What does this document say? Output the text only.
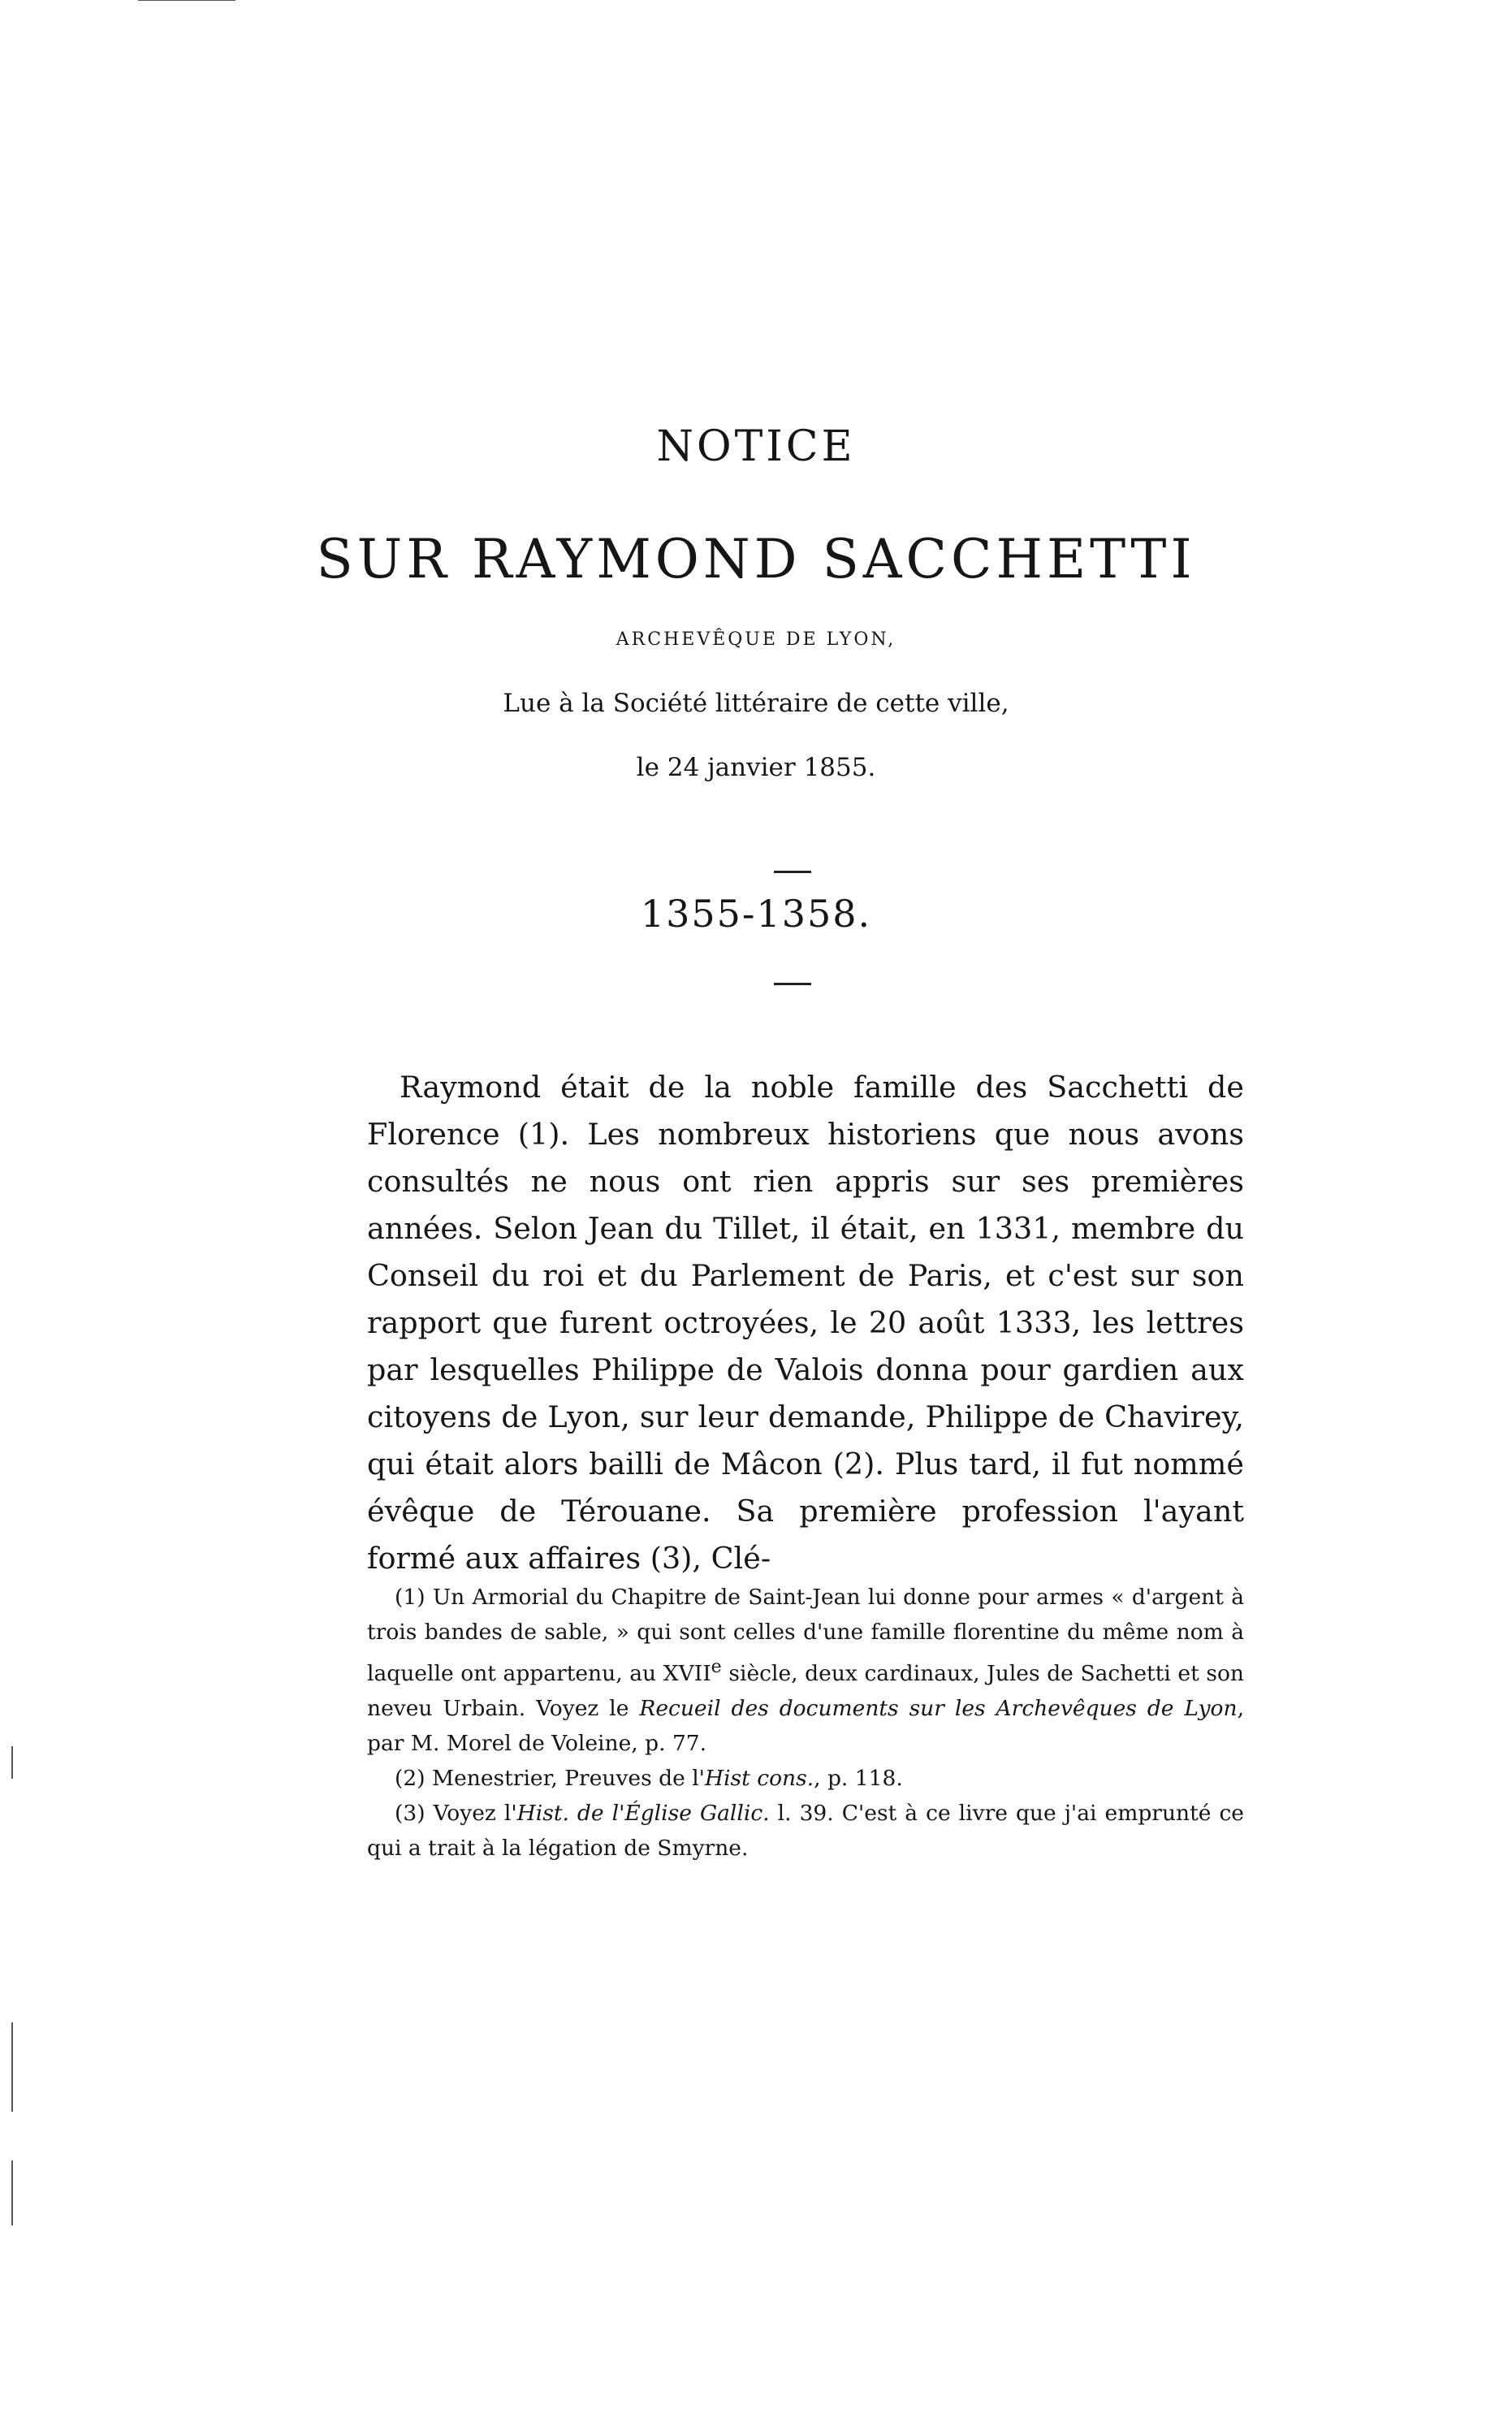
NOTICE
SUR RAYMOND SACCHETTI
ARCHEVÊQUE DE LYON,
Lue à la Société littéraire de cette ville,
le 24 janvier 1855.
1355-1358.

Raymond était de la noble famille des Sacchetti de Florence (1). Les nombreux historiens que nous avons consultés ne nous ont rien appris sur ses premières années. Selon Jean du Tillet, il était, en 1331, membre du Conseil du roi et du Parlement de Paris, et c'est sur son rapport que furent octroyées, le 20 août 1333, les lettres par lesquelles Philippe de Valois donna pour gardien aux citoyens de Lyon, sur leur demande, Philippe de Chavirey, qui était alors bailli de Mâcon (2). Plus tard, il fut nommé évêque de Térouane. Sa première profession l'ayant formé aux affaires (3), Clé-

(1) Un Armorial du Chapitre de Saint-Jean lui donne pour armes « d'argent à trois bandes de sable, » qui sont celles d'une famille florentine du même nom à laquelle ont appartenu, au XVIIe siècle, deux cardinaux, Jules de Sachetti et son neveu Urbain. Voyez le Recueil des documents sur les Archevêques de Lyon, par M. Morel de Voleine, p. 77.

(2) Menestrier, Preuves de l'Hist cons., p. 118.

(3) Voyez l'Hist. de l'Église Gallic. l. 39. C'est à ce livre que j'ai emprunté ce qui a trait à la légation de Smyrne.
